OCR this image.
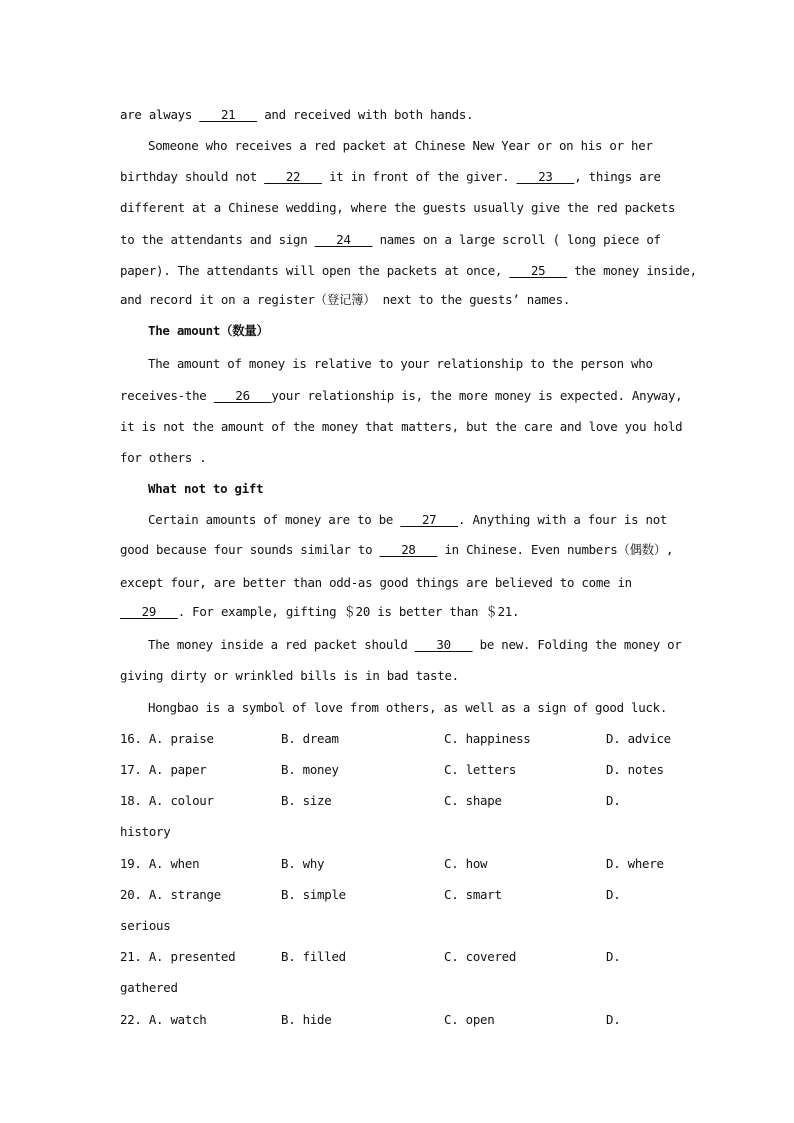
are always ___21___ and received with both hands.
Someone who receives a red packet at Chinese New Year or on his or her
birthday should not ___22___ it in front of the giver. ___23___, things are
different at a Chinese wedding, where the guests usually give the red packets
to the attendants and sign ___24___ names on a large scroll ( long piece of
paper). The attendants will open the packets at once, ___25___ the money inside,
and record it on a register（登记簿） next to the guests’ names.
The amount（数量）
The amount of money is relative to your relationship to the person who
receives-the ___26___your relationship is, the more money is expected. Anyway,
it is not the amount of the money that matters, but the care and love you hold
for others .
What not to gift
Certain amounts of money are to be ___27___. Anything with a four is not
good because four sounds similar to ___28___ in Chinese. Even numbers（偶数）,
except four, are better than odd-as good things are believed to come in
___29___. For example, gifting ＄20 is better than ＄21.
The money inside a red packet should ___30___ be new. Folding the money or
giving dirty or wrinkled bills is in bad taste.
Hongbao is a symbol of love from others, as well as a sign of good luck.
16. A. praise	B. dream	C. happiness	D. advice
17. A. paper	B. money	C. letters	D. notes
18. A. colour	B. size	C. shape	D.
history
19. A. when	B. why	C. how	D. where
20. A. strange	B. simple	C. smart	D.
serious
21. A. presented	B. filled	C. covered	D.
gathered
22. A. watch	B. hide	C. open	D.
